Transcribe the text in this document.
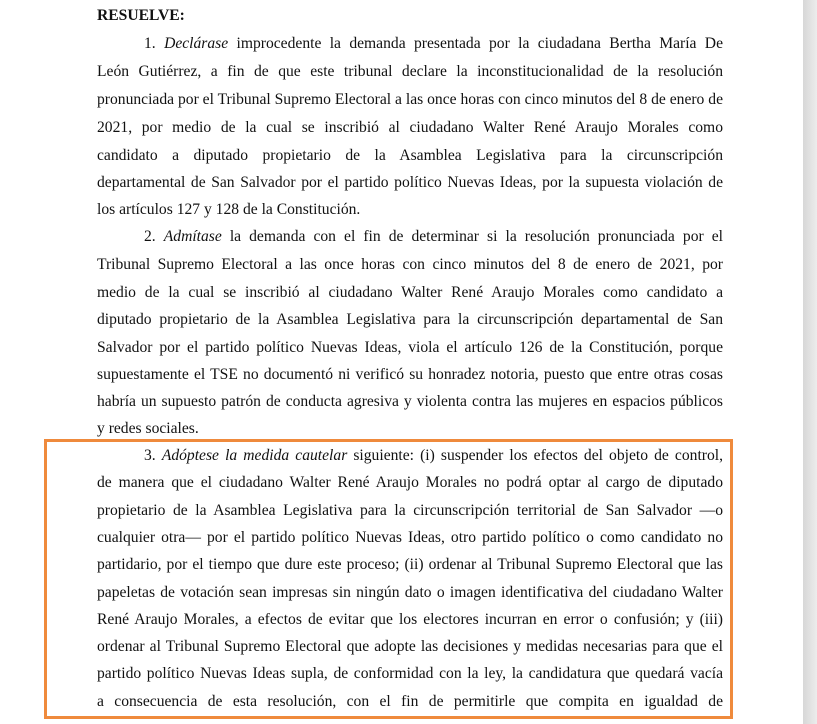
RESUELVE:
1. Declárase improcedente la demanda presentada por la ciudadana Bertha María De
León Gutiérrez, a fin de que este tribunal declare la inconstitucionalidad de la resolución
pronunciada por el Tribunal Supremo Electoral a las once horas con cinco minutos del 8 de enero de
2021, por medio de la cual se inscribió al ciudadano Walter René Araujo Morales como
candidato a diputado propietario de la Asamblea Legislativa para la circunscripción
departamental de San Salvador por el partido político Nuevas Ideas, por la supuesta violación de
los artículos 127 y 128 de la Constitución.
2. Admítase la demanda con el fin de determinar si la resolución pronunciada por el
Tribunal Supremo Electoral a las once horas con cinco minutos del 8 de enero de 2021, por
medio de la cual se inscribió al ciudadano Walter René Araujo Morales como candidato a
diputado propietario de la Asamblea Legislativa para la circunscripción departamental de San
Salvador por el partido político Nuevas Ideas, viola el artículo 126 de la Constitución, porque
supuestamente el TSE no documentó ni verificó su honradez notoria, puesto que entre otras cosas
habría un supuesto patrón de conducta agresiva y violenta contra las mujeres en espacios públicos
y redes sociales.
3. Adóptese la medida cautelar siguiente: (i) suspender los efectos del objeto de control,
de manera que el ciudadano Walter René Araujo Morales no podrá optar al cargo de diputado
propietario de la Asamblea Legislativa para la circunscripción territorial de San Salvador —o
cualquier otra— por el partido político Nuevas Ideas, otro partido político o como candidato no
partidario, por el tiempo que dure este proceso; (ii) ordenar al Tribunal Supremo Electoral que las
papeletas de votación sean impresas sin ningún dato o imagen identificativa del ciudadano Walter
René Araujo Morales, a efectos de evitar que los electores incurran en error o confusión; y (iii)
ordenar al Tribunal Supremo Electoral que adopte las decisiones y medidas necesarias para que el
partido político Nuevas Ideas supla, de conformidad con la ley, la candidatura que quedará vacía
a consecuencia de esta resolución, con el fin de permitirle que compita en igualdad de
